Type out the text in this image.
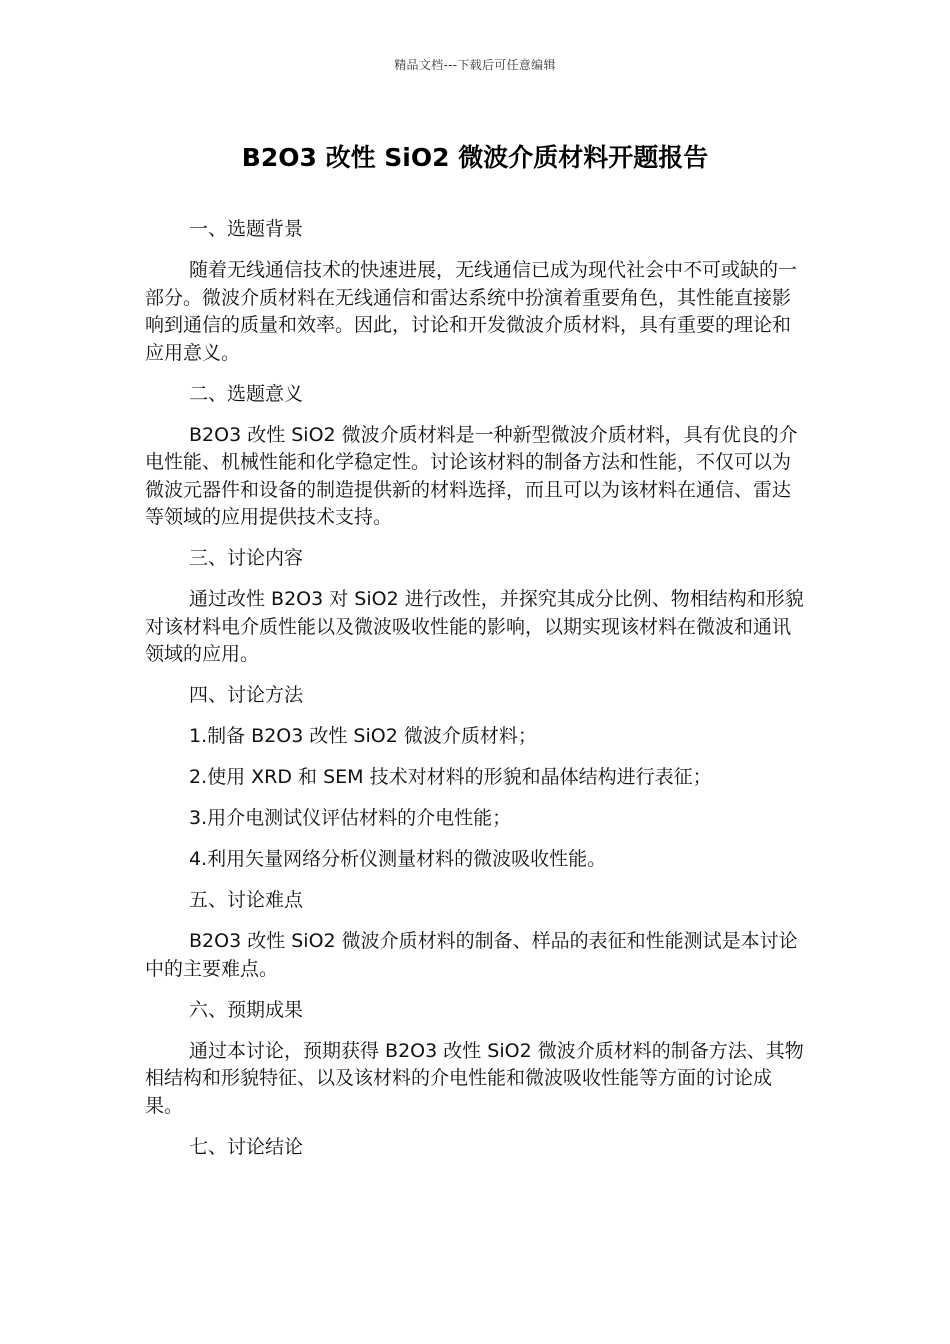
精品文档---下载后可任意编辑
B2O3 改性 SiO2 微波介质材料开题报告

一、选题背景

随着无线通信技术的快速进展，无线通信已成为现代社会中不可或缺的一部分。微波介质材料在无线通信和雷达系统中扮演着重要角色，其性能直接影响到通信的质量和效率。因此，讨论和开发微波介质材料，具有重要的理论和应用意义。

二、选题意义

B2O3 改性 SiO2 微波介质材料是一种新型微波介质材料，具有优良的介电性能、机械性能和化学稳定性。讨论该材料的制备方法和性能，不仅可以为微波元器件和设备的制造提供新的材料选择，而且可以为该材料在通信、雷达等领域的应用提供技术支持。

三、讨论内容

通过改性 B2O3 对 SiO2 进行改性，并探究其成分比例、物相结构和形貌对该材料电介质性能以及微波吸收性能的影响，以期实现该材料在微波和通讯领域的应用。

四、讨论方法

1.制备 B2O3 改性 SiO2 微波介质材料；

2.使用 XRD 和 SEM 技术对材料的形貌和晶体结构进行表征；

3.用介电测试仪评估材料的介电性能；

4.利用矢量网络分析仪测量材料的微波吸收性能。

五、讨论难点

B2O3 改性 SiO2 微波介质材料的制备、样品的表征和性能测试是本讨论中的主要难点。

六、预期成果

通过本讨论，预期获得 B2O3 改性 SiO2 微波介质材料的制备方法、其物相结构和形貌特征、以及该材料的介电性能和微波吸收性能等方面的讨论成果。

七、讨论结论
